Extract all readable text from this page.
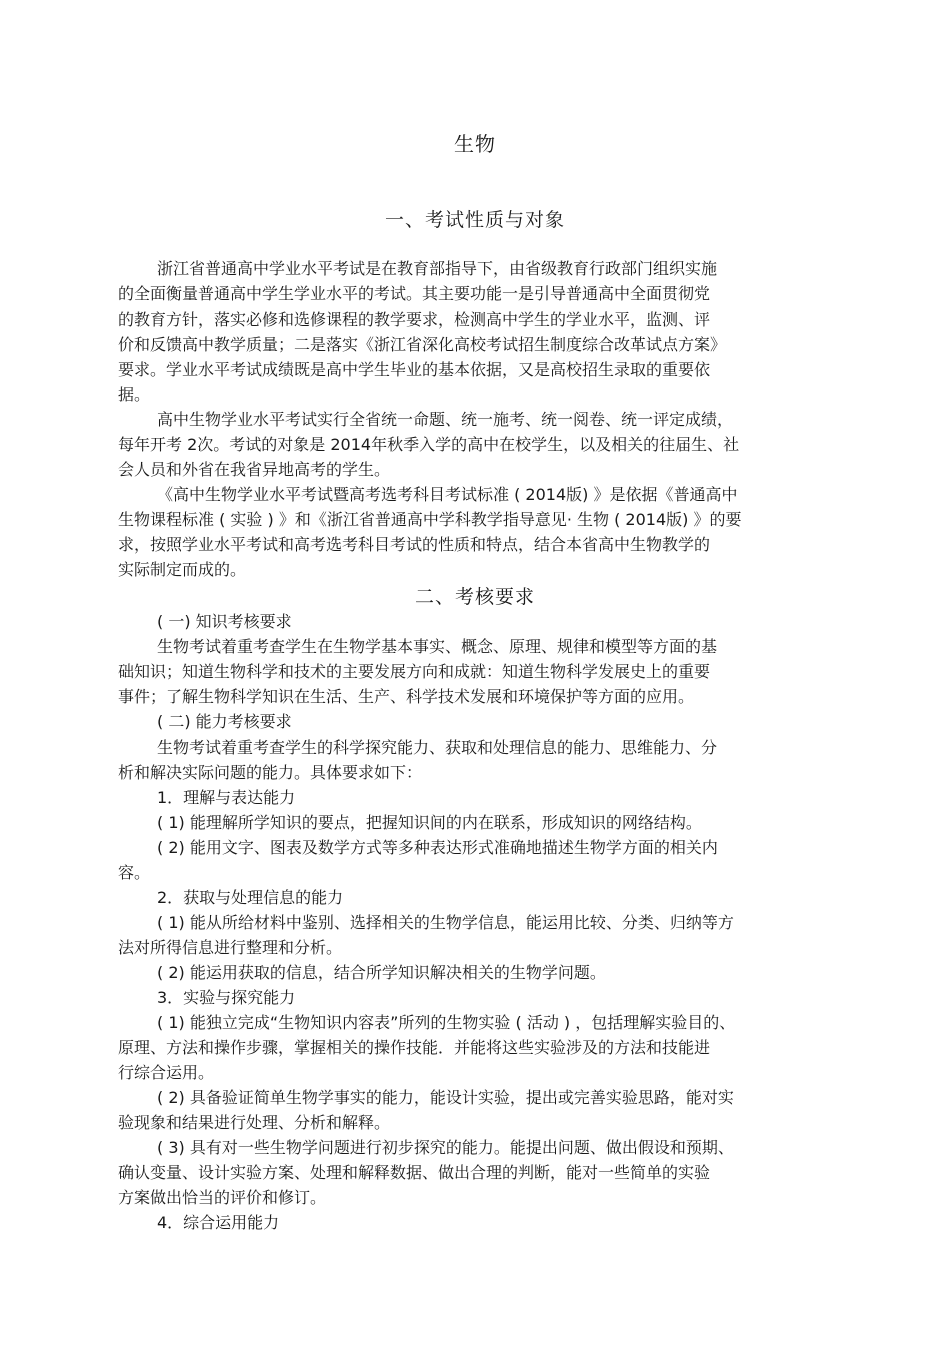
生物
一、考试性质与对象
浙江省普通高中学业水平考试是在教育部指导下，由省级教育行政部门组织实施
的全面衡量普通高中学生学业水平的考试。其主要功能一是引导普通高中全面贯彻党
的教育方针，落实必修和选修课程的教学要求，检测高中学生的学业水平，监测、评
价和反馈高中教学质量；二是落实《浙江省深化高校考试招生制度综合改革试点方案》
要求。学业水平考试成绩既是高中学生毕业的基本依据，又是高校招生录取的重要依
据。
高中生物学业水平考试实行全省统一命题、统一施考、统一阅卷、统一评定成绩，
每年开考 2次。考试的对象是 2014年秋季入学的高中在校学生，以及相关的往届生、社
会人员和外省在我省异地高考的学生。
《高中生物学业水平考试暨高考选考科目考试标准 ( 2014版) 》是依据《普通高中
生物课程标准 ( 实验 ) 》和《浙江省普通高中学科教学指导意见· 生物 ( 2014版) 》的要
求，按照学业水平考试和高考选考科目考试的性质和特点，结合本省高中生物教学的
实际制定而成的。
二、考核要求
( 一) 知识考核要求
生物考试着重考查学生在生物学基本事实、概念、原理、规律和模型等方面的基
础知识；知道生物科学和技术的主要发展方向和成就：知道生物科学发展史上的重要
事件；了解生物科学知识在生活、生产、科学技术发展和环境保护等方面的应用。
( 二) 能力考核要求
生物考试着重考查学生的科学探究能力、获取和处理信息的能力、思维能力、分
析和解决实际问题的能力。具体要求如下：
1．理解与表达能力
( 1) 能理解所学知识的要点，把握知识间的内在联系，形成知识的网络结构。
( 2) 能用文字、图表及数学方式等多种表达形式准确地描述生物学方面的相关内
容。
2．获取与处理信息的能力
( 1) 能从所给材料中鉴别、选择相关的生物学信息，能运用比较、分类、归纳等方
法对所得信息进行整理和分析。
( 2) 能运用获取的信息，结合所学知识解决相关的生物学问题。
3．实验与探究能力
( 1) 能独立完成“生物知识内容表”所列的生物实验 ( 活动 ) ，包括理解实验目的、
原理、方法和操作步骤，掌握相关的操作技能．并能将这些实验涉及的方法和技能进
行综合运用。
( 2) 具备验证简单生物学事实的能力，能设计实验，提出或完善实验思路，能对实
验现象和结果进行处理、分析和解释。
( 3) 具有对一些生物学问题进行初步探究的能力。能提出问题、做出假设和预期、
确认变量、设计实验方案、处理和解释数据、做出合理的判断，能对一些简单的实验
方案做出恰当的评价和修订。
4．综合运用能力
